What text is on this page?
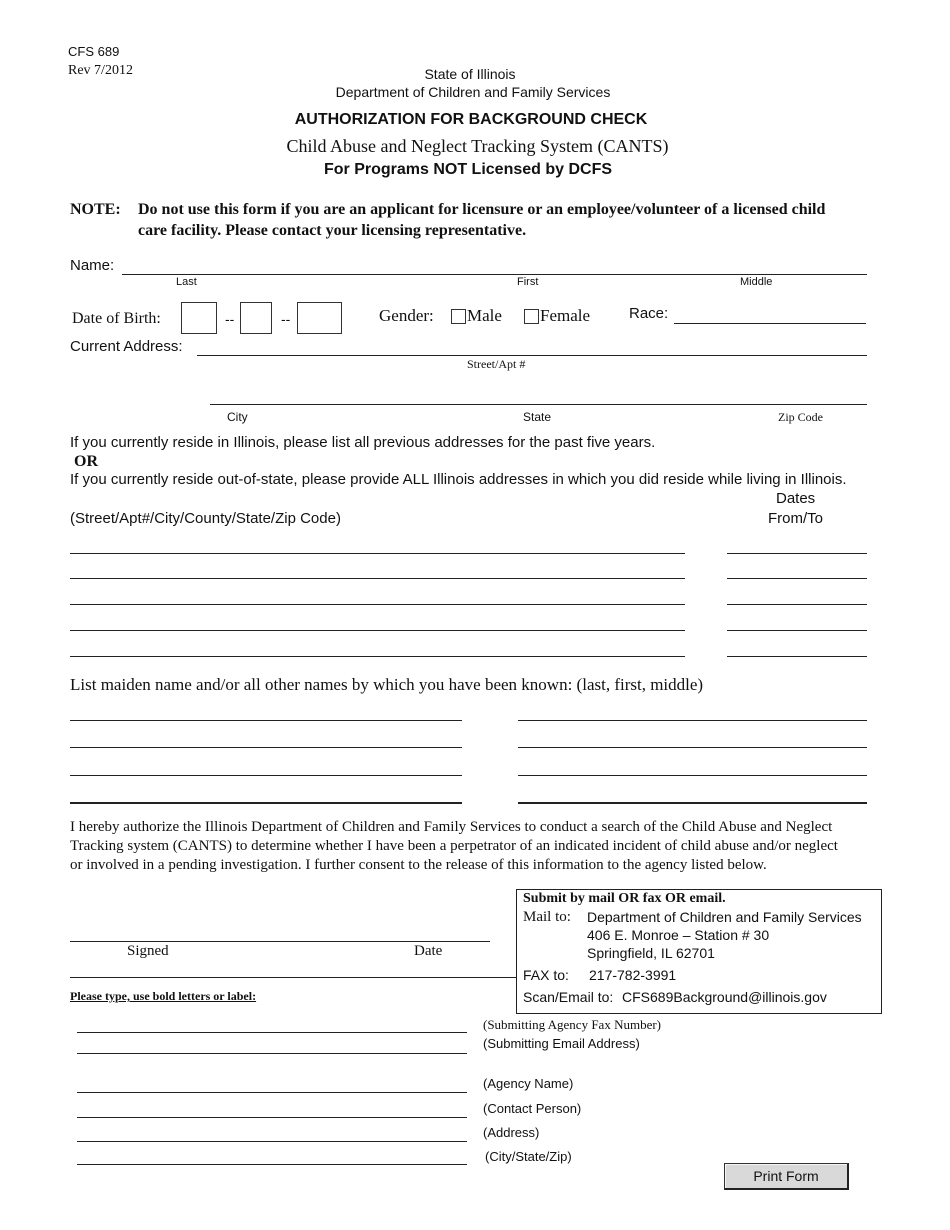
CFS 689
Rev 7/2012	State of Illinois
Department of Children and Family Services
AUTHORIZATION FOR BACKGROUND CHECK
Child Abuse and Neglect Tracking System (CANTS)
For Programs NOT Licensed by DCFS
NOTE: Do not use this form if you are an applicant for licensure or an employee/volunteer of a licensed child
care facility. Please contact your licensing representative.
Name:
Last	First	Middle
Date of Birth:	--	--	Gender: Male Female	Race:
Current Address:
Street/Apt #
City	State	Zip Code
If you currently reside in Illinois, please list all previous addresses for the past five years.
OR
If you currently reside out-of-state, please provide ALL Illinois addresses in which you did reside while living in Illinois.
Dates
(Street/Apt#/City/County/State/Zip Code)	From/To
List maiden name and/or all other names by which you have been known: (last, first, middle)
I hereby authorize the Illinois Department of Children and Family Services to conduct a search of the Child Abuse and Neglect
Tracking system (CANTS) to determine whether I have been a perpetrator of an indicated incident of child abuse and/or neglect
or involved in a pending investigation. I further consent to the release of this information to the agency listed below.
Signed	Date
Please type, use bold letters or label:
Submit by mail OR fax OR email.
Mail to: Department of Children and Family Services
406 E. Monroe – Station # 30
Springfield, IL 62701
FAX to: 217-782-3991
Scan/Email to: CFS689Background@illinois.gov
(Submitting Agency Fax Number)
(Submitting Email Address)
(Agency Name)
(Contact Person)
(Address)
(City/State/Zip)
Print Form
